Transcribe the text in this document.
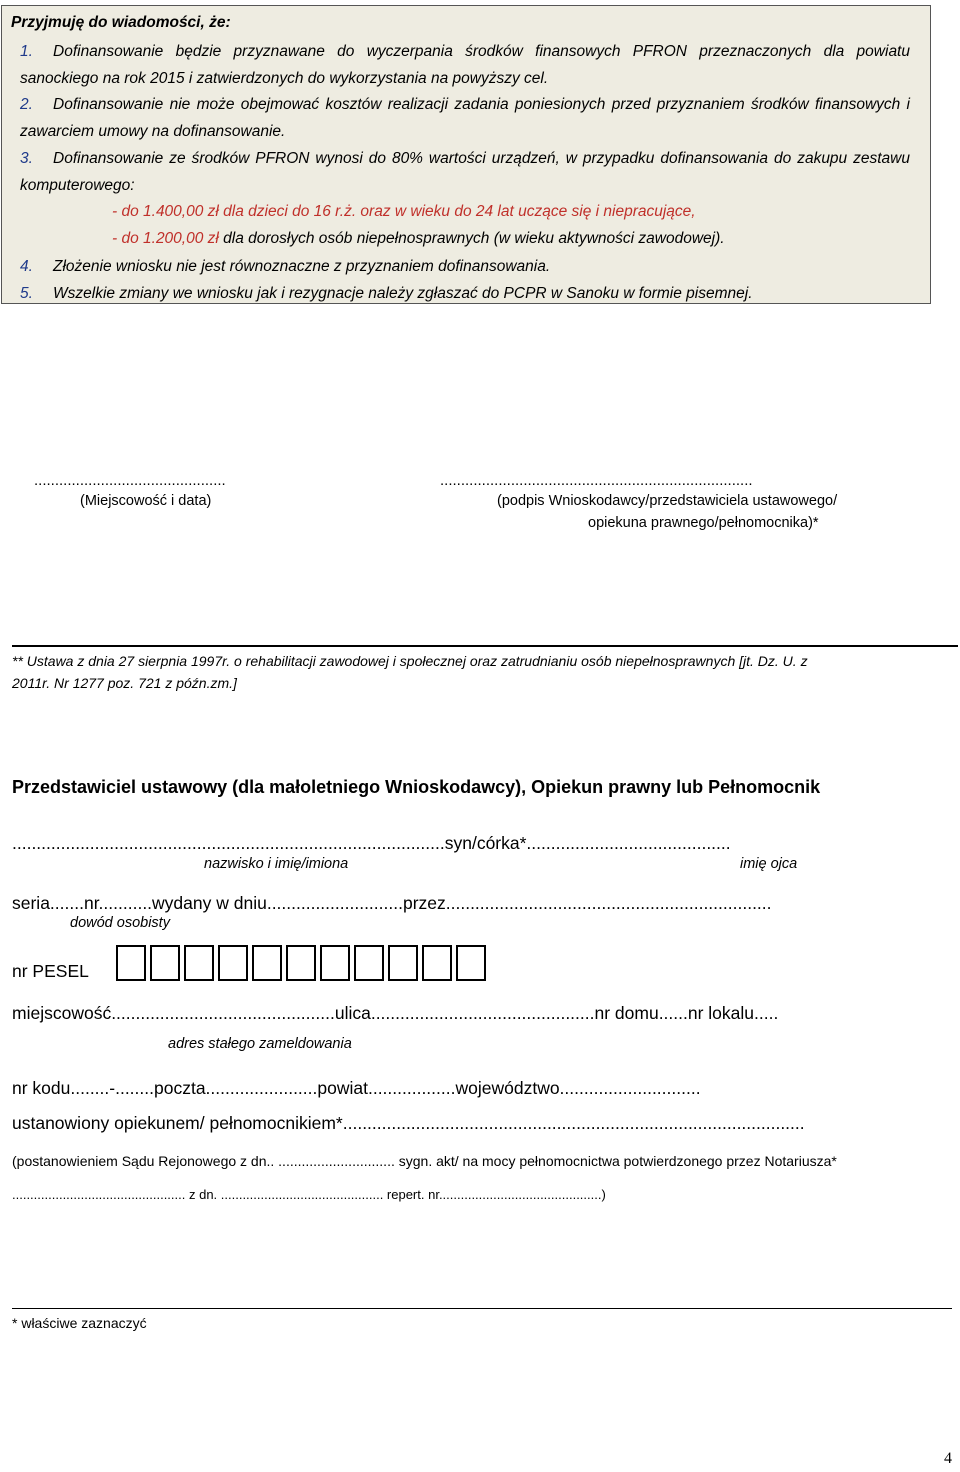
Przyjmuję do wiadomości, że:
1. Dofinansowanie będzie przyznawane do wyczerpania środków finansowych PFRON przeznaczonych dla powiatu sanockiego na rok 2015 i zatwierdzonych do wykorzystania na powyższy cel.
2. Dofinansowanie nie może obejmować kosztów realizacji zadania poniesionych przed przyznaniem środków finansowych i zawarciem umowy na dofinansowanie.
3. Dofinansowanie ze środków PFRON wynosi do 80% wartości urządzeń, w przypadku dofinansowania do zakupu zestawu komputerowego:
- do 1.400,00 zł dla dzieci do 16 r.ż. oraz w wieku do 24 lat uczące się i niepracujące,
- do 1.200,00 zł dla dorosłych osób niepełnosprawnych (w wieku aktywności zawodowej).
4. Złożenie wniosku nie jest równoznaczne z przyznaniem dofinansowania.
5. Wszelkie zmiany we wniosku jak i rezygnacje należy zgłaszać do PCPR w Sanoku w formie pisemnej.
..............................................	...........................................................................
(Miejscowość i data)	(podpis Wnioskodawcy/przedstawiciela ustawowego/
opiekuna prawnego/pełnomocnika)*
** Ustawa z dnia 27 sierpnia 1997r. o rehabilitacji zawodowej i społecznej oraz zatrudnianiu osób niepełnosprawnych [jt. Dz. U. z
2011r. Nr 1277 poz. 721 z późn.zm.]
Przedstawiciel ustawowy (dla małoletniego Wnioskodawcy), Opiekun prawny lub Pełnomocnik
.........................................................................................syn/córka*..........................................
nazwisko i imię/imiona	imię ojca
seria.......nr...........wydany w dniu............................przez...................................................................
dowód osobisty
nr PESEL
miejscowość..............................................ulica..............................................nr domu......nr lokalu.....
adres stałego zameldowania
nr kodu........-........poczta.......................powiat..................województwo.............................
ustanowiony opiekunem/ pełnomocnikiem*...............................................................................................
(postanowieniem Sądu Rejonowego z dn.. .............................. sygn. akt/ na mocy pełnomocnictwa potwierdzonego przez Notariusza*
................................................ z dn. ............................................. repert. nr.............................................)
* właściwe zaznaczyć
4
